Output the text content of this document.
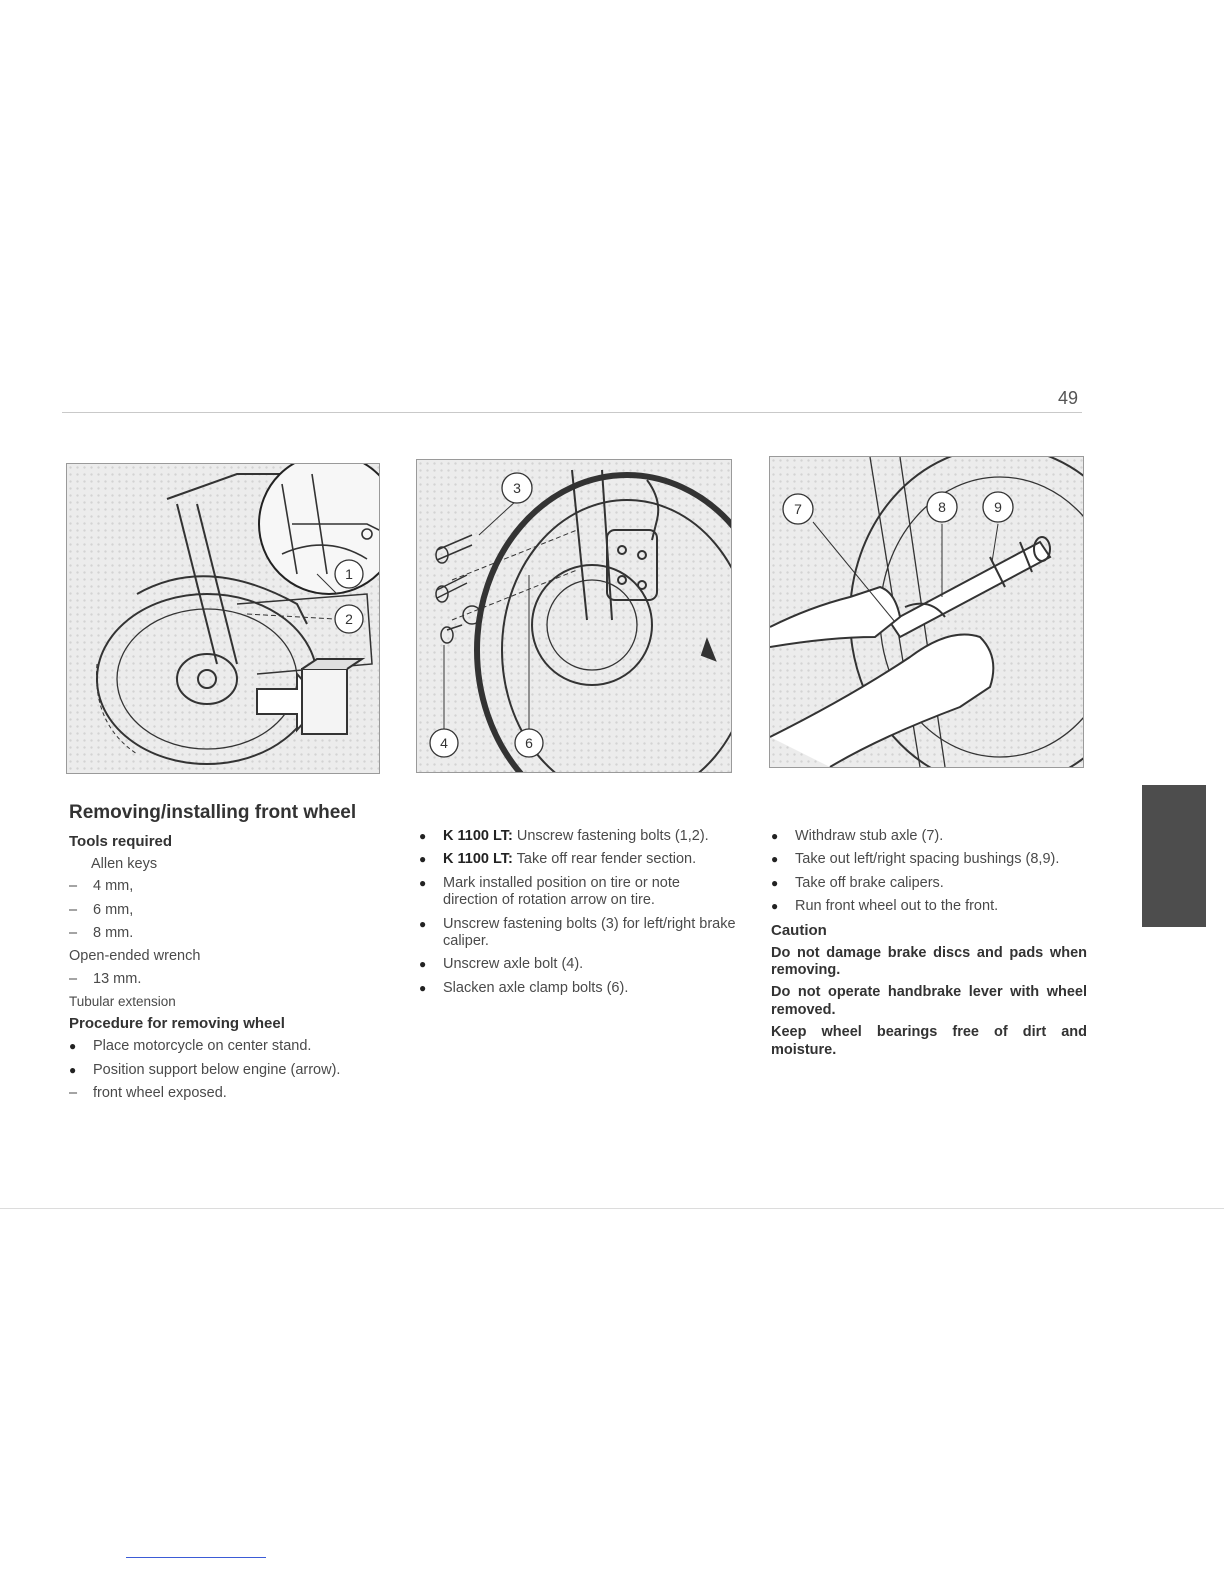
49
1
2
3
4	6
7	8	9
Removing/installing front wheel

Tools required

Allen keys

–	4 mm,
–	6 mm,
–	8 mm.

Open-ended wrench

–	13 mm.

Tubular extension

Procedure for removing wheel

●	Place motorcycle on center stand.
●	Position support below engine (arrow).
–	front wheel exposed.
●	K 1100 LT: Unscrew fastening bolts (1,2).
●	K 1100 LT: Take off rear fender section.
●	Mark installed position on tire or note direction of rotation arrow on tire.
●	Unscrew fastening bolts (3) for left/right brake caliper.
●	Unscrew axle bolt (4).
●	Slacken axle clamp bolts (6).
●	Withdraw stub axle (7).
●	Take out left/right spacing bushings (8,9).
●	Take off brake calipers.
●	Run front wheel out to the front.

Caution

Do not damage brake discs and pads when removing.

Do not operate handbrake lever with wheel removed.

Keep wheel bearings free of dirt and moisture.
